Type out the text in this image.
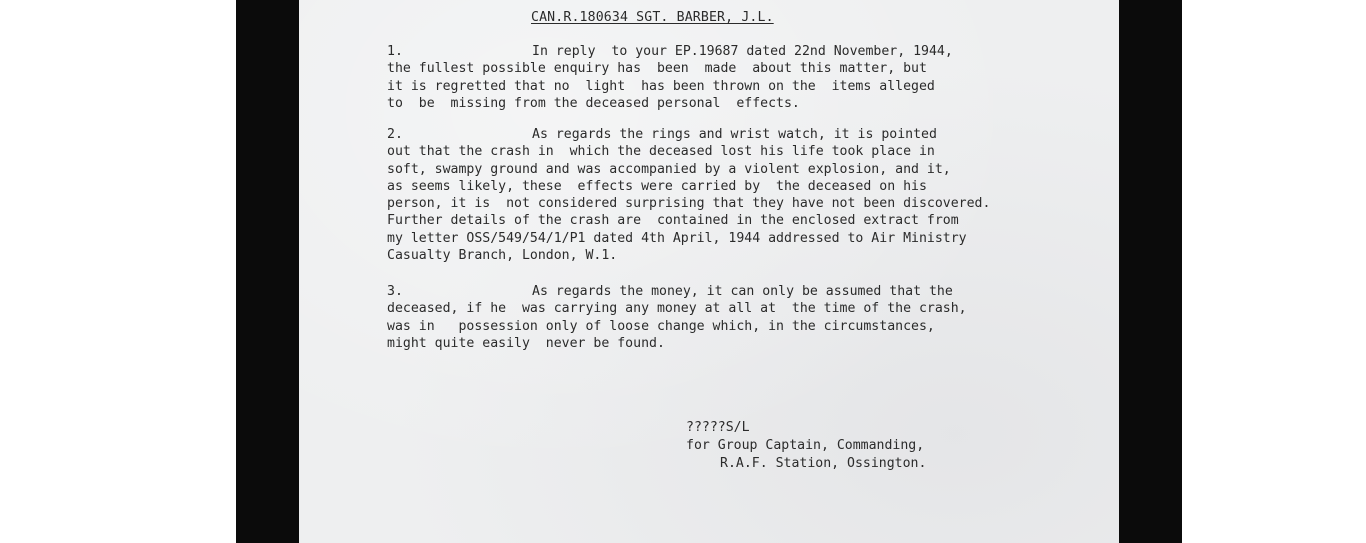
CAN.R.180634 SGT. BARBER, J.L.
1.	In reply  to your EP.19687 dated 22nd November, 1944,
the fullest possible enquiry has  been  made  about this matter, but
it is regretted that no  light  has been thrown on the  items alleged
to  be  missing from the deceased personal  effects.
2.	As regards the rings and wrist watch, it is pointed
out that the crash in  which the deceased lost his life took place in
soft, swampy ground and was accompanied by a violent explosion, and it,
as seems likely, these  effects were carried by  the deceased on his
person, it is  not considered surprising that they have not been discovered.
Further details of the crash are  contained in the enclosed extract from
my letter OSS/549/54/1/P1 dated 4th April, 1944 addressed to Air Ministry
Casualty Branch, London, W.1.
3.	As regards the money, it can only be assumed that the
deceased, if he  was carrying any money at all at  the time of the crash,
was in   possession only of loose change which, in the circumstances,
might quite easily  never be found.
?????S/L
for Group Captain, Commanding,
R.A.F. Station, Ossington.
